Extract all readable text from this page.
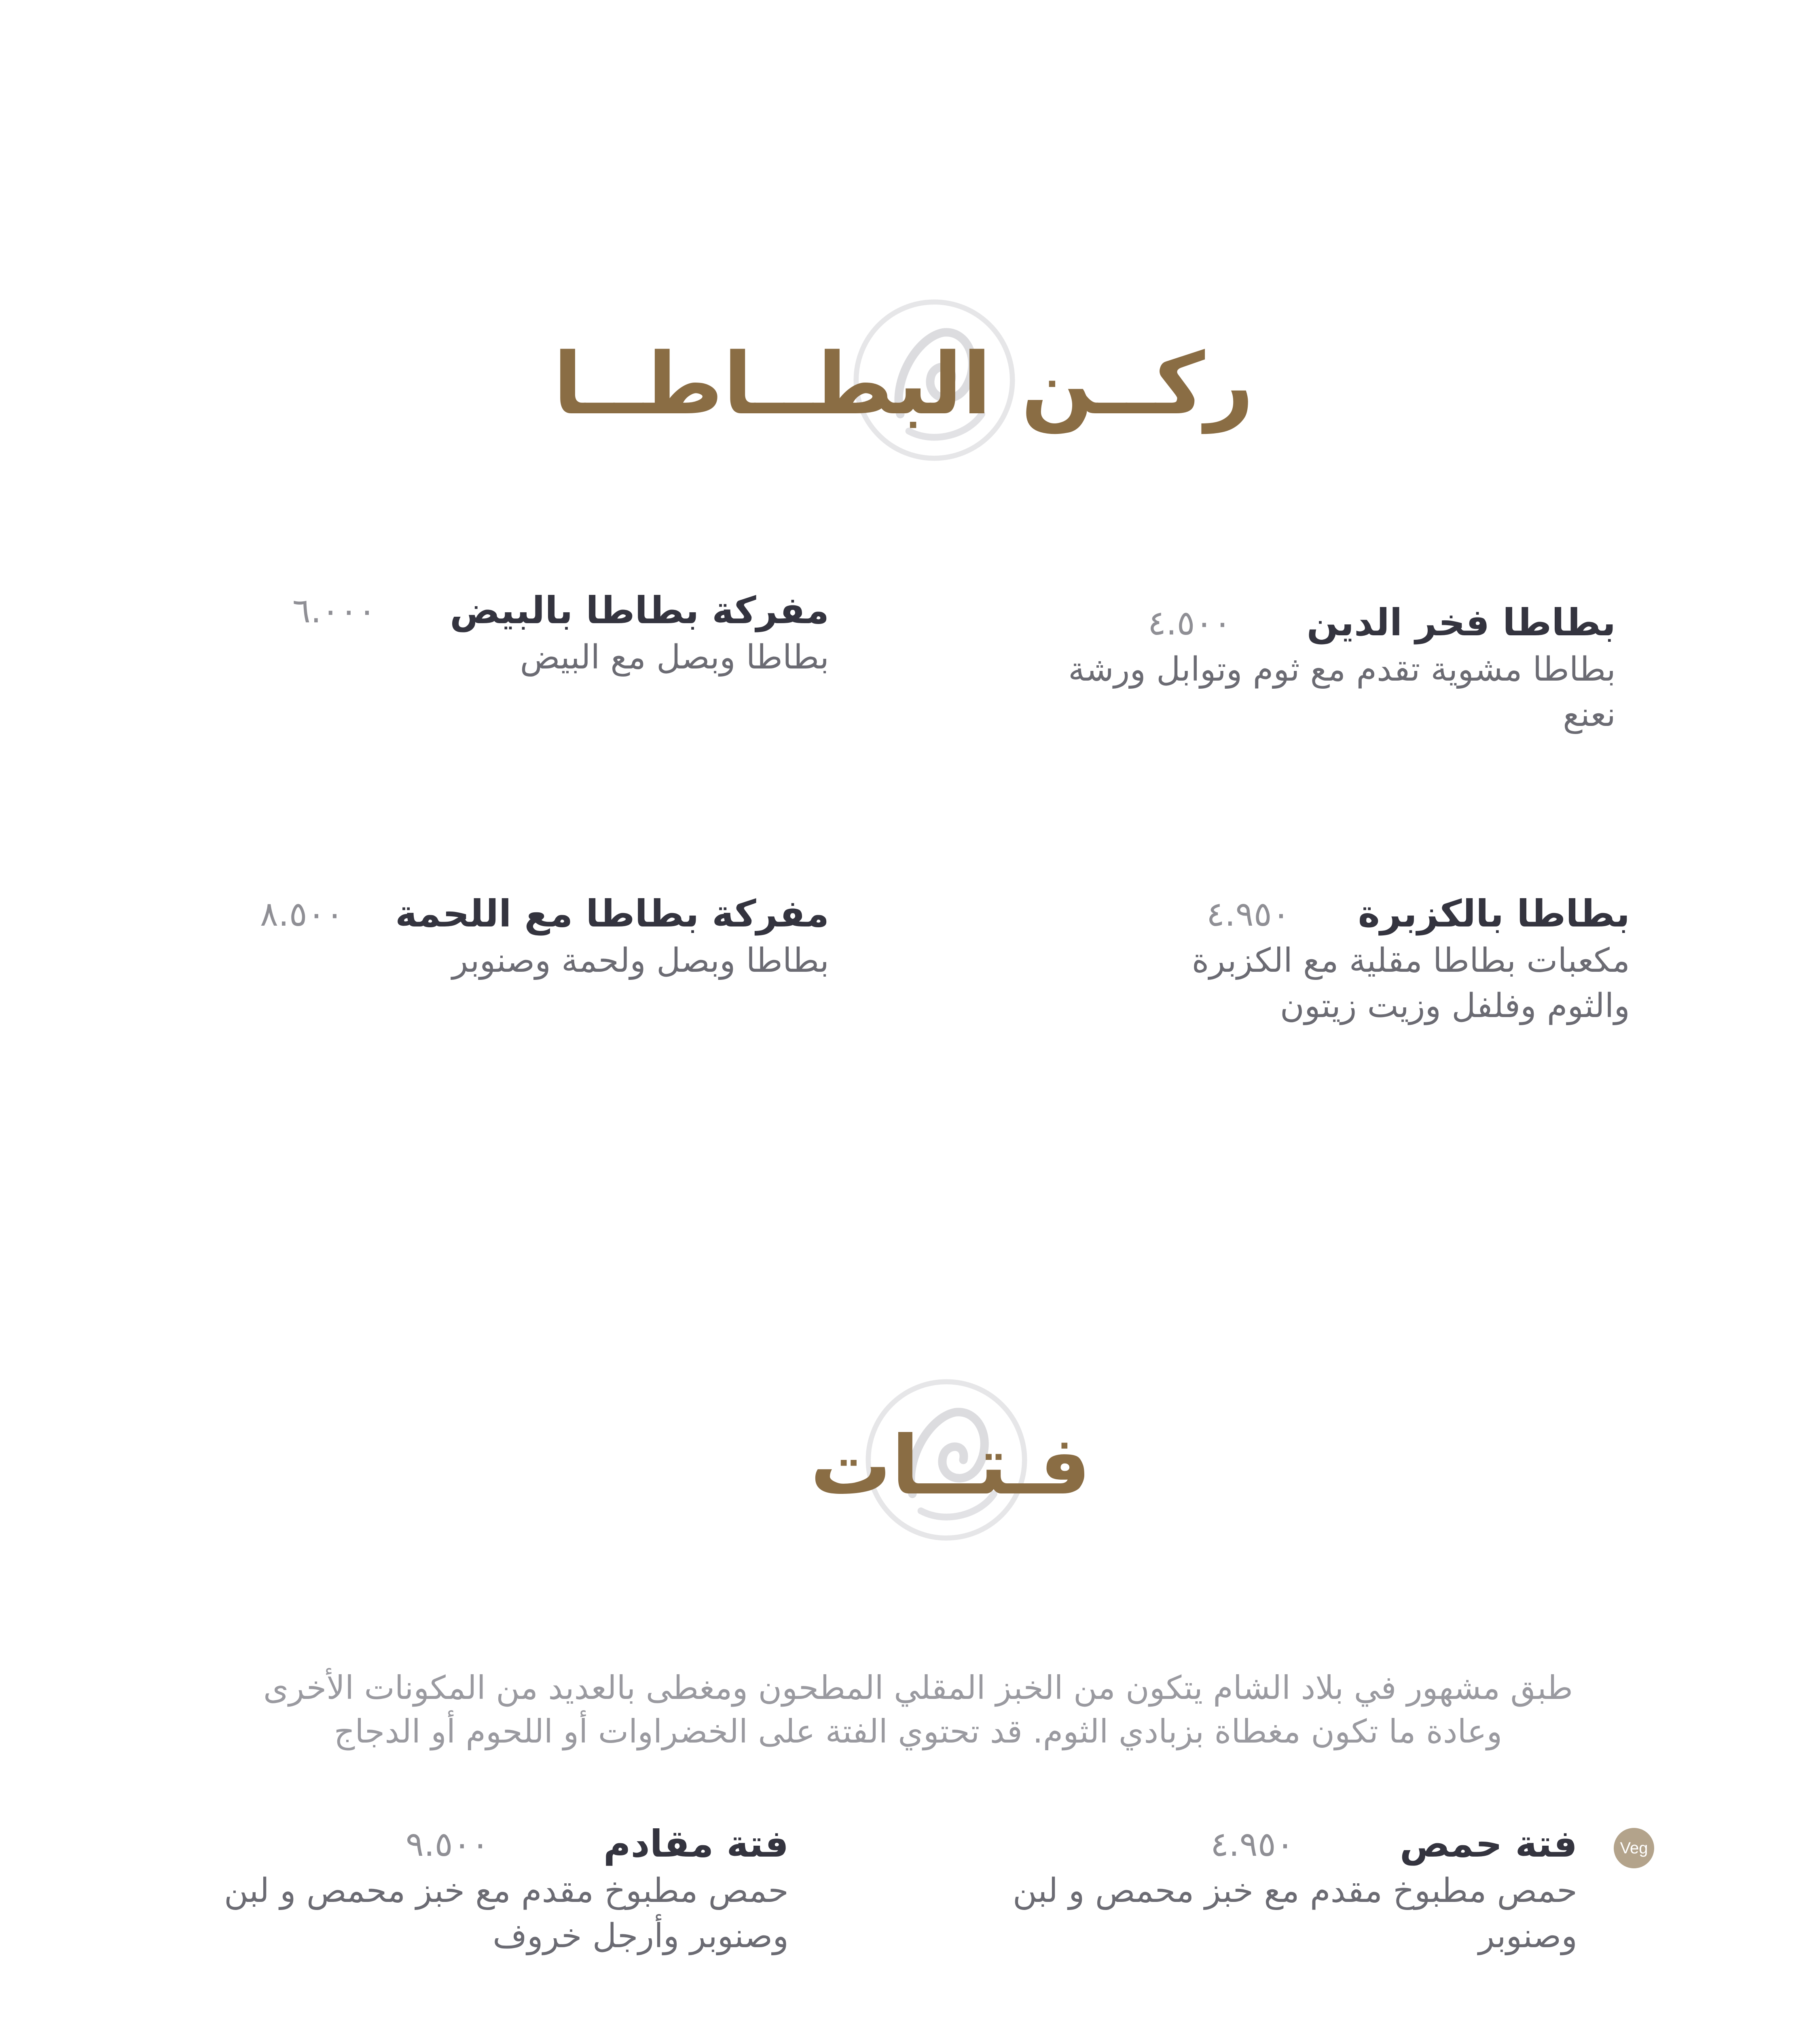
ركــن البطــاطــا
بطاطا فخر الدين
٤.٥٠٠
بطاطا مشوية تقدم مع ثوم وتوابل ورشة نعنع
مفركة بطاطا بالبيض
٦.٠٠٠
بطاطا وبصل مع البيض
بطاطا بالكزبرة
٤.٩٥٠
مكعبات بطاطا مقلية مع الكزبرة والثوم وفلفل وزيت زيتون
مفركة بطاطا مع اللحمة
٨.٥٠٠
بطاطا وبصل ولحمة وصنوبر
فـتــات
طبق مشهور في بلاد الشام يتكون من الخبز المقلي المطحون ومغطى بالعديد من المكونات الأخرى وعادة ما تكون مغطاة بزبادي الثوم. قد تحتوي الفتة على الخضراوات أو اللحوم أو الدجاج
Veg
فتة حمص
٤.٩٥٠
حمص مطبوخ مقدم مع خبز محمص و لبن وصنوبر
فتة مقادم
٩.٥٠٠
حمص مطبوخ مقدم مع خبز محمص و لبن وصنوبر وأرجل خروف
